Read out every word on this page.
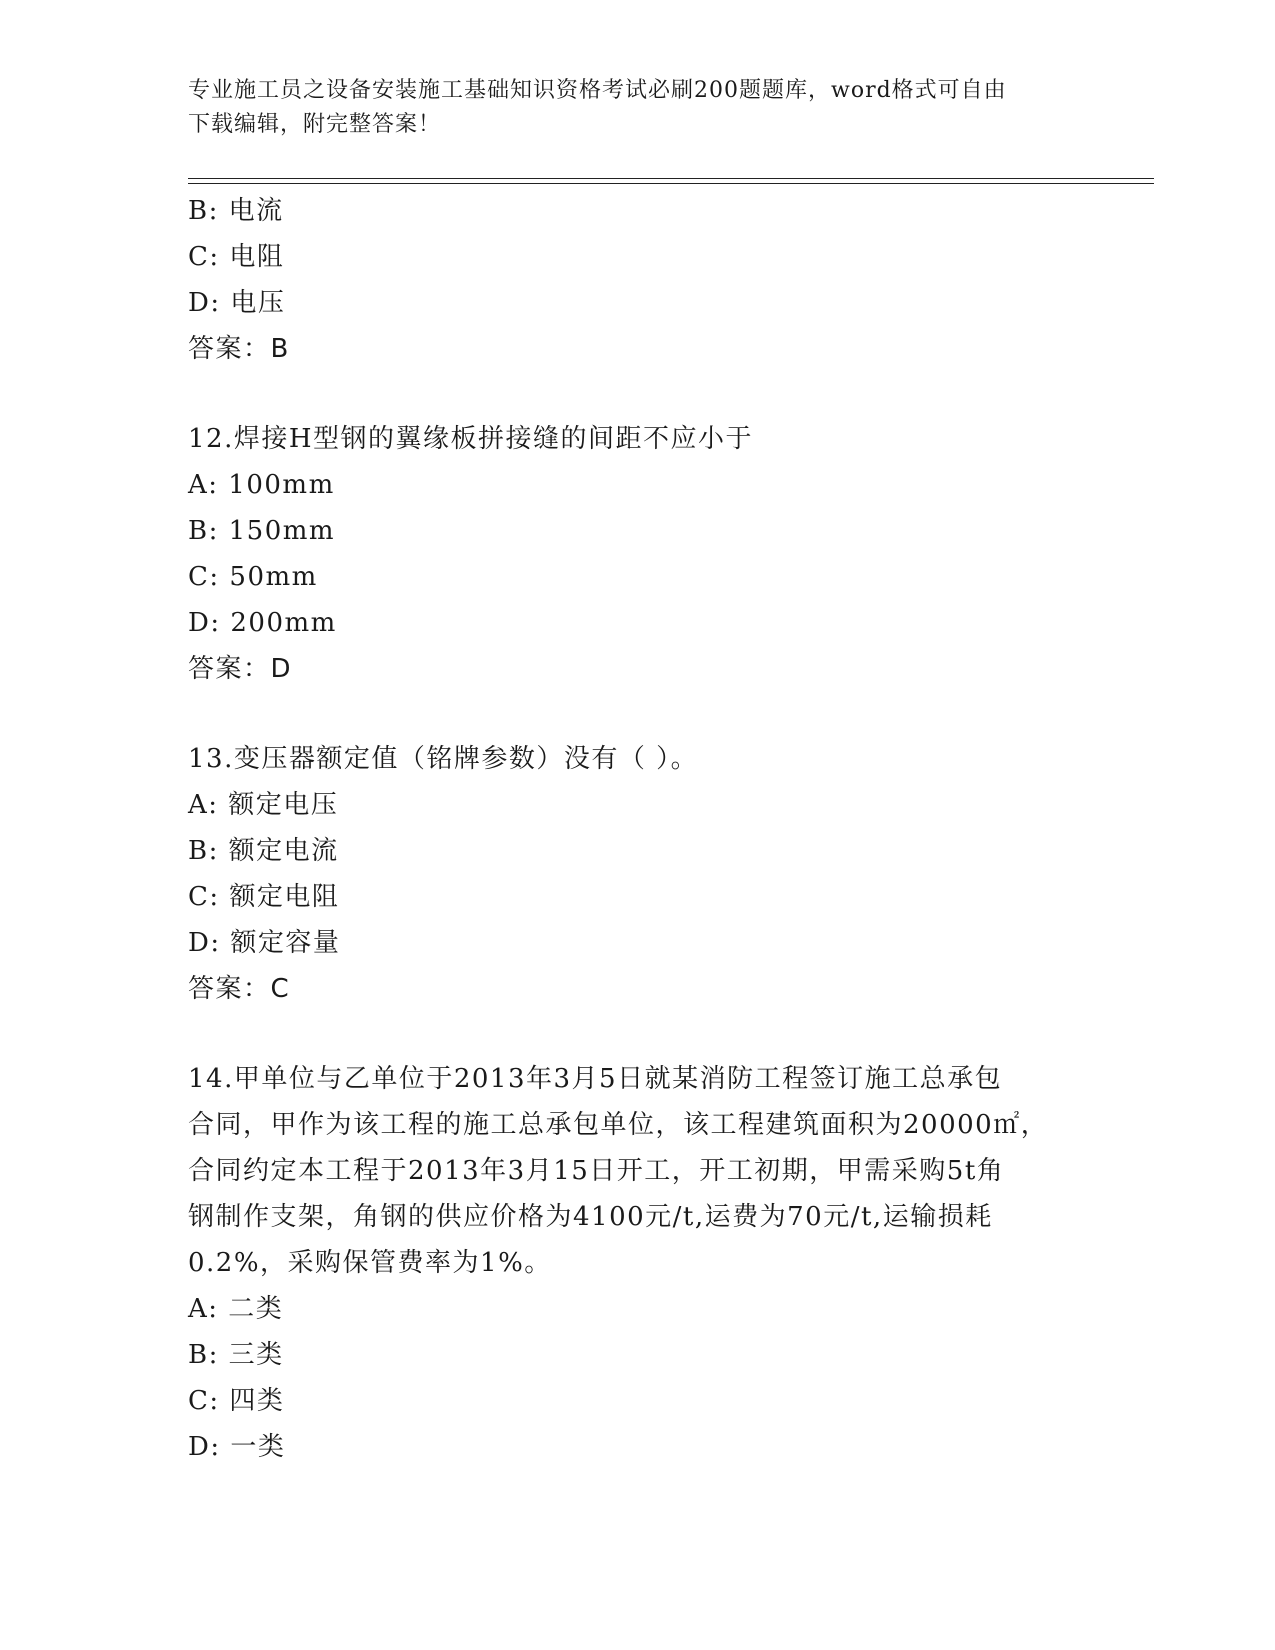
专业施工员之设备安装施工基础知识资格考试必刷200题题库，word格式可自由
下载编辑，附完整答案！
B: 电流
C: 电阻
D: 电压
答案：B
12.焊接H型钢的翼缘板拼接缝的间距不应小于
A: 100mm
B: 150mm
C: 50mm
D: 200mm
答案：D
13.变压器额定值（铭牌参数）没有（ ）。
A: 额定电压
B: 额定电流
C: 额定电阻
D: 额定容量
答案：C
14.甲单位与乙单位于2013年3月5日就某消防工程签订施工总承包
合同，甲作为该工程的施工总承包单位，该工程建筑面积为20000㎡，
合同约定本工程于2013年3月15日开工，开工初期，甲需采购5t角
钢制作支架，角钢的供应价格为4100元/t,运费为70元/t,运输损耗
0.2%，采购保管费率为1%。
A: 二类
B: 三类
C: 四类
D: 一类
